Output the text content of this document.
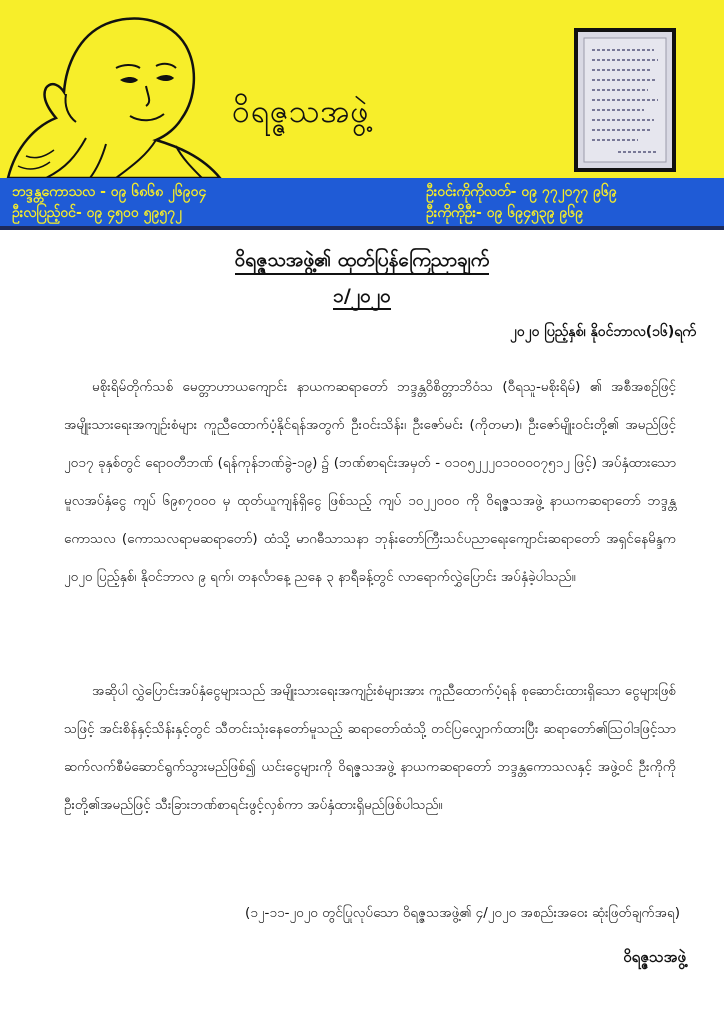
ဝိရဇ္ဇသအဖွဲ့
ဘဒ္ဒန္တကောသလ - ၀၉ ၆၈၆၈ ၂၆၉၀၄
ဦးလပြည့်ဝင်- ၀၉ ၄၅၀၀ ၅၉၅၇၂
ဦးဝင်းကိုကိုလတ်- ၀၉ ၇၇၂၀၇၇ ၉၆၉
ဦးကိုကိုဦး- ၀၉ ၆၉၄၅၃၉ ၉၆၉
ဝိရဇ္ဇသအဖွဲ့၏ ထုတ်ပြန်ကြေညာချက်
၁/၂၀၂၀
၂၀၂၀ ပြည့်နှစ်၊ နိုဝင်ဘာလ(၁၆)ရက်

မစိုးရိမ်တိုက်သစ် မေတ္တာဟာယကျောင်း နာယကဆရာတော် ဘဒ္ဒန္တဝိစိတ္တာဘိဝံသ (ဝီရသူ-မစိုးရိမ်) ၏ အစီအစဉ်ဖြင့် အမျိုးသားရေးအကျဉ်းစံများ ကူညီထောက်ပံ့နိုင်ရန်အတွက် ဦးဝင်းသိန်း၊ ဦးဇော်မင်း (ကိုတမာ)၊ ဦးဇော်မျိုးဝင်းတို့၏ အမည်ဖြင့် ၂၀၁၇ ခုနှစ်တွင် ရောဝတီဘဏ် (ရန်ကုန်ဘဏ်ခွဲ-၁၉) ၌ (ဘဏ်စာရင်းအမှတ် - ၀၁၀၅၂၂၂၀၁၀၀၀၀၇၅၁၂ ဖြင့်) အပ်နှံထားသော မူလအပ်နှံငွေ ကျပ် ၆၉၈၇၀၀၀ မှ ထုတ်ယူကျန်ရှိငွေ ဖြစ်သည့် ကျပ် ၁၀၂၂၀၀၀ ကို ဝိရဇ္ဇသအဖွဲ့ နာယကဆရာတော် ဘဒ္ဒန္တကောသလ (ကောသလရာမဆရာတော်) ထံသို့ မာဂဓီသာသနာ ဘုန်းတော်ကြီးသင်ပညာရေးကျောင်းဆရာတော် အရှင်နေမိန္ဒက ၂၀၂၀ ပြည့်နှစ်၊ နိုဝင်ဘာလ ၉ ရက်၊ တနင်္လာနေ့ ညနေ ၃ နာရီခန့်တွင် လာရောက်လွှဲပြောင်း အပ်နှံခဲ့ပါသည်။

အဆိုပါ လွှဲပြောင်းအပ်နှံငွေများသည် အမျိုးသားရေးအကျဉ်းစံများအား ကူညီထောက်ပံ့ရန် စုဆောင်းထားရှိသော ငွေများဖြစ်သဖြင့် အင်းစိန်နှင့်သိန်းနှင့်တွင် သီတင်းသုံးနေတော်မူသည့် ဆရာတော်ထံသို့ တင်ပြလျှောက်ထားပြီး ဆရာတော်၏သြဝါဒဖြင့်သာ ဆက်လက်စီမံဆောင်ရွက်သွားမည်ဖြစ်၍ ယင်းငွေများကို ဝိရဇ္ဇသအဖွဲ့ နာယကဆရာတော် ဘဒ္ဒန္တကောသလနှင့် အဖွဲ့ဝင် ဦးကိုကိုဦးတို့၏အမည်ဖြင့် သီးခြားဘဏ်စာရင်းဖွင့်လှစ်ကာ အပ်နှံထားရှိမည်ဖြစ်ပါသည်။

(၁၂-၁၁-၂၀၂၀ တွင်ပြုလုပ်သော ဝိရဇ္ဇသအဖွဲ့၏ ၄/၂၀၂၀ အစည်းအဝေး ဆုံးဖြတ်ချက်အရ)
ဝိရဇ္ဇသအဖွဲ့
